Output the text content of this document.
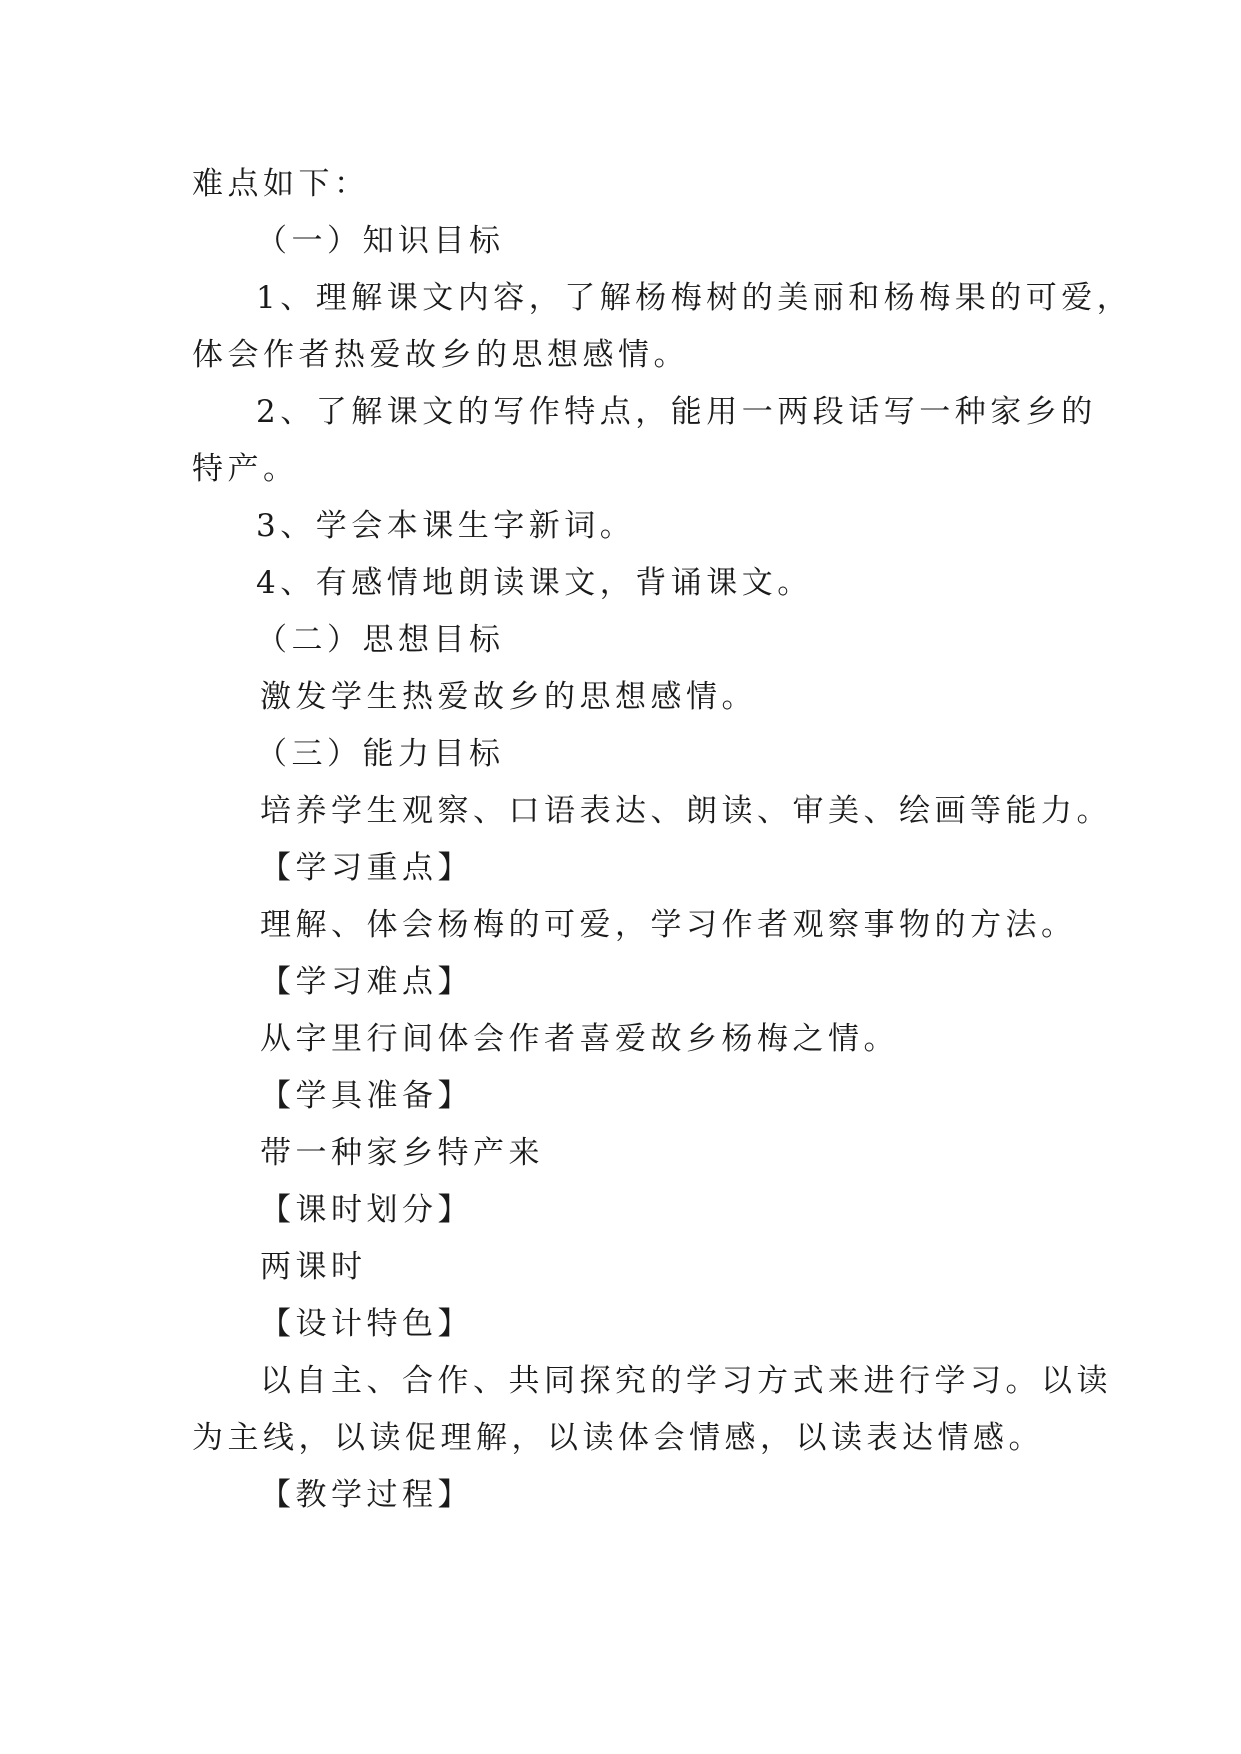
难点如下：
（一）知识目标
1、理解课文内容，了解杨梅树的美丽和杨梅果的可爱，
体会作者热爱故乡的思想感情。
2、了解课文的写作特点，能用一两段话写一种家乡的
特产。
3、学会本课生字新词。
4、有感情地朗读课文，背诵课文。
（二）思想目标
激发学生热爱故乡的思想感情。
（三）能力目标
培养学生观察、口语表达、朗读、审美、绘画等能力。
【学习重点】
理解、体会杨梅的可爱，学习作者观察事物的方法。
【学习难点】
从字里行间体会作者喜爱故乡杨梅之情。
【学具准备】
带一种家乡特产来
【课时划分】
两课时
【设计特色】
以自主、合作、共同探究的学习方式来进行学习。以读
为主线，以读促理解，以读体会情感，以读表达情感。
【教学过程】
